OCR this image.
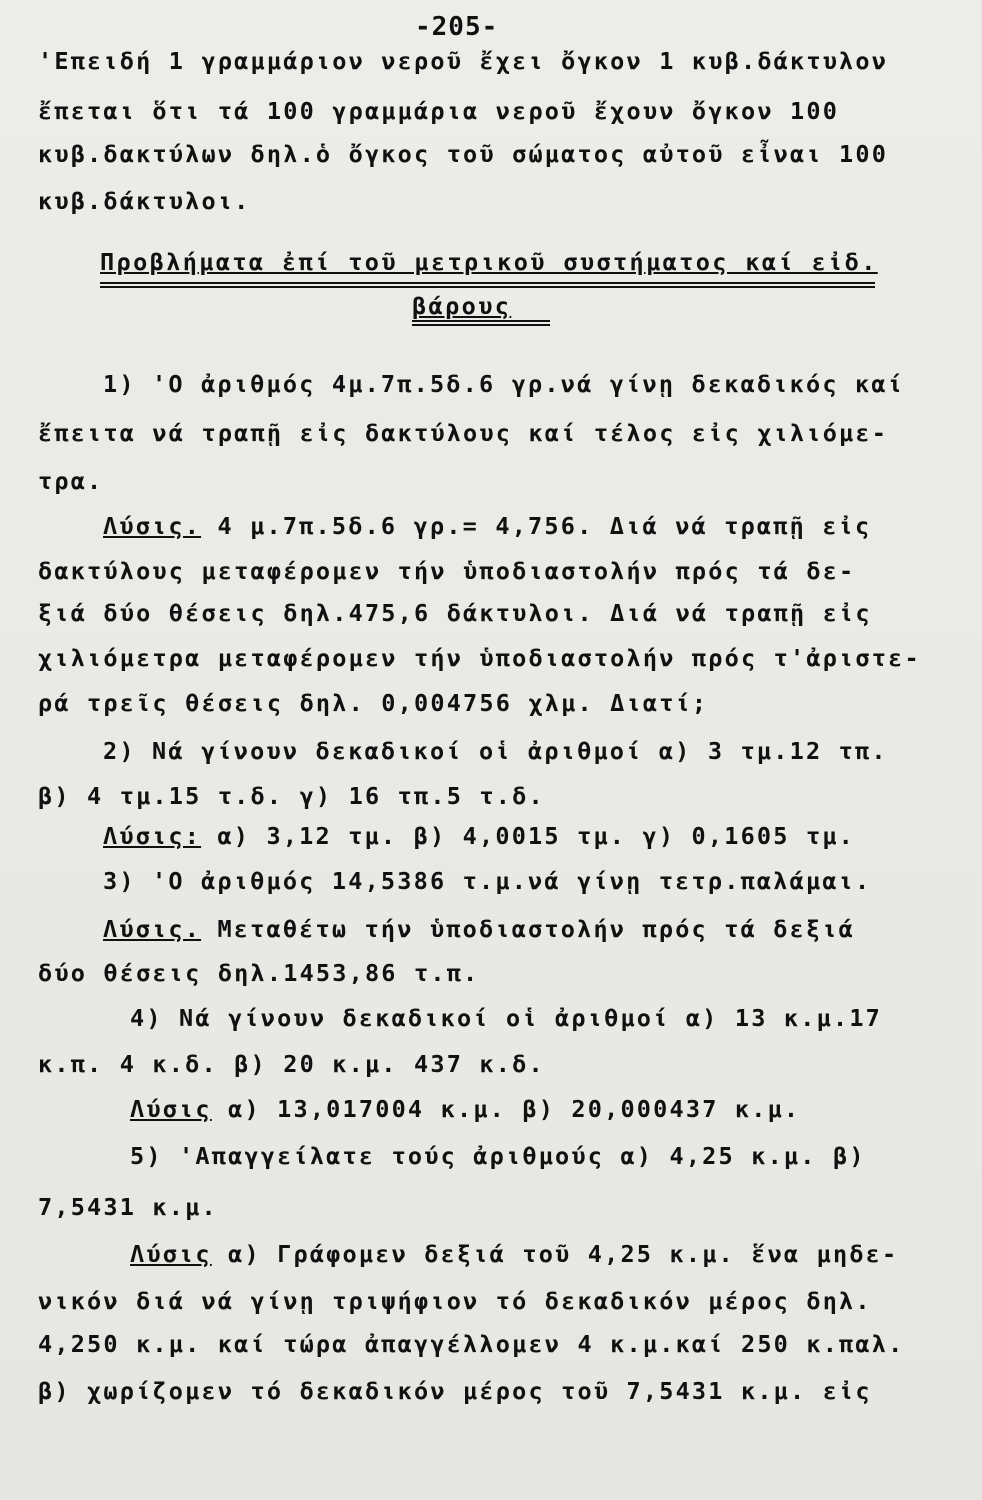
-205-
'Επειδή 1 γραμμάριον νεροῦ ἔχει ὄγκον 1 κυβ.δάκτυλον
ἔπεται ὅτι τά 100 γραμμάρια νεροῦ ἔχουν ὄγκον 100
κυβ.δακτύλων δηλ.ὁ ὄγκος τοῦ σώματος αὐτοῦ εἶναι 100
κυβ.δάκτυλοι.
Προβλήματα ἐπί τοῦ μετρικοῦ συστήματος καί εἰδ.
βάρους
1) 'Ο ἀριθμός 4μ.7π.5δ.6 γρ.νά γίνῃ δεκαδικός καί
ἔπειτα νά τραπῇ εἰς δακτύλους καί τέλος εἰς χιλιόμε-
τρα.
Λύσις. 4 μ.7π.5δ.6 γρ.= 4,756. Διά νά τραπῇ εἰς
δακτύλους μεταφέρομεν τήν ὑποδιαστολήν πρός τά δε-
ξιά δύο θέσεις δηλ.475,6 δάκτυλοι. Διά νά τραπῇ εἰς
χιλιόμετρα μεταφέρομεν τήν ὑποδιαστολήν πρός τ'ἀριστε-
ρά τρεῖς θέσεις δηλ. 0,004756 χλμ. Διατί;
2) Νά γίνουν δεκαδικοί οἱ ἀριθμοί α) 3 τμ.12 τπ.
β) 4 τμ.15 τ.δ. γ) 16 τπ.5 τ.δ.
Λύσις: α) 3,12 τμ. β) 4,0015 τμ. γ) 0,1605 τμ.
3) 'Ο ἀριθμός 14,5386 τ.μ.νά γίνῃ τετρ.παλάμαι.
Λύσις. Μεταθέτω τήν ὑποδιαστολήν πρός τά δεξιά
δύο θέσεις δηλ.1453,86 τ.π.
4) Νά γίνουν δεκαδικοί οἱ ἀριθμοί α) 13 κ.μ.17
κ.π. 4 κ.δ. β) 20 κ.μ. 437 κ.δ.
Λύσις α) 13,017004 κ.μ. β) 20,000437 κ.μ.
5) 'Απαγγείλατε τούς ἀριθμούς α) 4,25 κ.μ. β)
7,5431 κ.μ.
Λύσις α) Γράφομεν δεξιά τοῦ 4,25 κ.μ. ἕνα μηδε-
νικόν διά νά γίνῃ τριψήφιον τό δεκαδικόν μέρος δηλ.
4,250 κ.μ. καί τώρα ἀπαγγέλλομεν 4 κ.μ.καί 250 κ.παλ.
β) χωρίζομεν τό δεκαδικόν μέρος τοῦ 7,5431 κ.μ. εἰς
